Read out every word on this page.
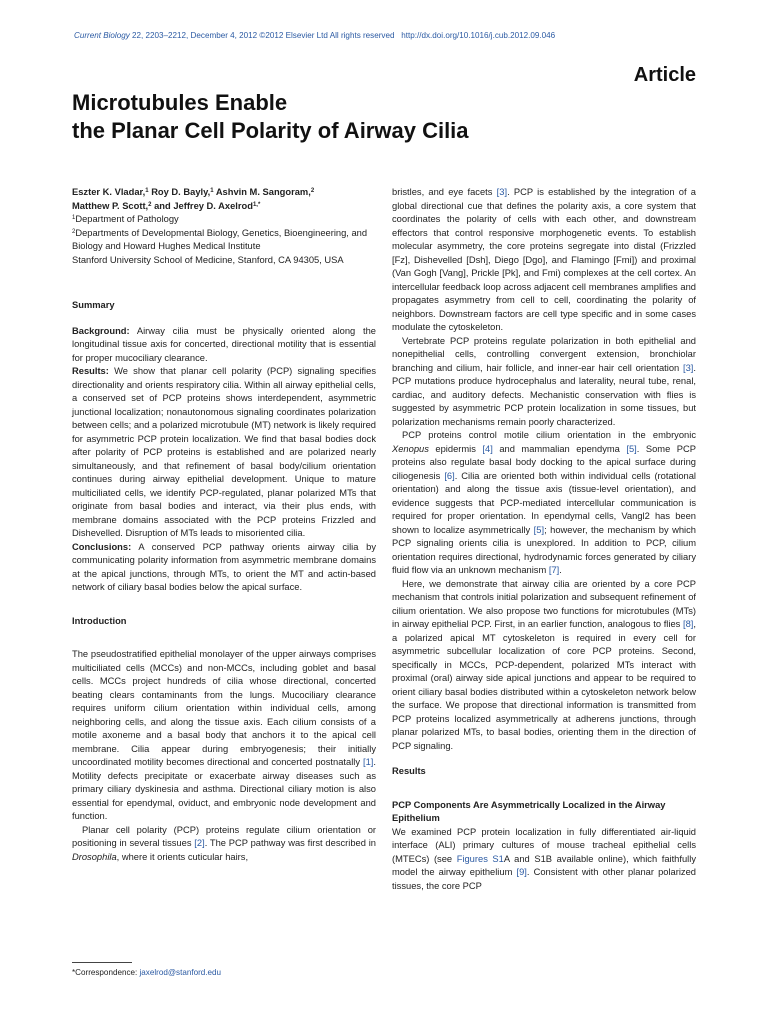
Current Biology 22, 2203–2212, December 4, 2012 ©2012 Elsevier Ltd All rights reserved http://dx.doi.org/10.1016/j.cub.2012.09.046
Article
Microtubules Enable
the Planar Cell Polarity of Airway Cilia

Eszter K. Vladar,$^1$ Roy D. Bayly,$^1$ Ashvin M. Sangoram,$^2$
Matthew P. Scott,$^2$ and Jeffrey D. Axelrod$^{1,*}$

$^1$Department of Pathology

$^2$Departments of Developmental Biology, Genetics, Bioengineering, and Biology and Howard Hughes Medical Institute

Stanford University School of Medicine, Stanford, CA 94305, USA

Summary

Background: Airway cilia must be physically oriented along the longitudinal tissue axis for concerted, directional motility that is essential for proper mucociliary clearance.

Results: We show that planar cell polarity (PCP) signaling specifies directionality and orients respiratory cilia. Within all airway epithelial cells, a conserved set of PCP proteins shows interdependent, asymmetric junctional localization; nonautonomous signaling coordinates polarization between cells; and a polarized microtubule (MT) network is likely required for asymmetric PCP protein localization. We find that basal bodies dock after polarity of PCP proteins is established and are polarized nearly simultaneously, and that refinement of basal body/cilium orientation continues during airway epithelial development. Unique to mature multiciliated cells, we identify PCP-regulated, planar polarized MTs that originate from basal bodies and interact, via their plus ends, with membrane domains associated with the PCP proteins Frizzled and Dishevelled. Disruption of MTs leads to misoriented cilia.

Conclusions: A conserved PCP pathway orients airway cilia by communicating polarity information from asymmetric membrane domains at the apical junctions, through MTs, to orient the MT and actin-based network of ciliary basal bodies below the apical surface.

Introduction

The pseudostratified epithelial monolayer of the upper airways comprises multiciliated cells (MCCs) and non-MCCs, including goblet and basal cells. MCCs project hundreds of cilia whose directional, concerted beating clears contaminants from the lungs. Mucociliary clearance requires uniform cilium orientation within individual cells, among neighboring cells, and along the tissue axis. Each cilium consists of a motile axoneme and a basal body that anchors it to the apical cell membrane. Cilia appear during embryogenesis; their initially uncoordinated motility becomes directional and concerted postnatally [1]. Motility defects precipitate or exacerbate airway diseases such as primary ciliary dyskinesia and asthma. Directional ciliary motion is also essential for ependymal, oviduct, and embryonic node development and function.

Planar cell polarity (PCP) proteins regulate cilium orientation or positioning in several tissues [2]. The PCP pathway was first described in Drosophila, where it orients cuticular hairs,

bristles, and eye facets [3]. PCP is established by the integration of a global directional cue that defines the polarity axis, a core system that coordinates the polarity of cells with each other, and downstream effectors that control responsive morphogenetic events. To establish molecular asymmetry, the core proteins segregate into distal (Frizzled [Fz], Dishevelled [Dsh], Diego [Dgo], and Flamingo [Fmi]) and proximal (Van Gogh [Vang], Prickle [Pk], and Fmi) complexes at the cell cortex. An intercellular feedback loop across adjacent cell membranes amplifies and propagates asymmetry from cell to cell, coordinating the polarity of neighbors. Downstream factors are cell type specific and in some cases modulate the cytoskeleton.

Vertebrate PCP proteins regulate polarization in both epithelial and nonepithelial cells, controlling convergent extension, bronchiolar branching and cilium, hair follicle, and inner-ear hair cell orientation [3]. PCP mutations produce hydrocephalus and laterality, neural tube, renal, cardiac, and auditory defects. Mechanistic conservation with flies is suggested by asymmetric PCP protein localization in some tissues, but polarization mechanisms remain poorly characterized.

PCP proteins control motile cilium orientation in the embryonic Xenopus epidermis [4] and mammalian ependyma [5]. Some PCP proteins also regulate basal body docking to the apical surface during ciliogenesis [6]. Cilia are oriented both within individual cells (rotational orientation) and along the tissue axis (tissue-level orientation), and evidence suggests that PCP-mediated intercellular communication is required for proper orientation. In ependymal cells, Vangl2 has been shown to localize asymmetrically [5]; however, the mechanism by which PCP signaling orients cilia is unexplored. In addition to PCP, cilium orientation requires directional, hydrodynamic forces generated by ciliary fluid flow via an unknown mechanism [7].

Here, we demonstrate that airway cilia are oriented by a core PCP mechanism that controls initial polarization and subsequent refinement of cilium orientation. We also propose two functions for microtubules (MTs) in airway epithelial PCP. First, in an earlier function, analogous to flies [8], a polarized apical MT cytoskeleton is required in every cell for asymmetric subcellular localization of core PCP proteins. Second, specifically in MCCs, PCP-dependent, polarized MTs interact with proximal (oral) airway side apical junctions and appear to be required to orient ciliary basal bodies distributed within a cytoskeleton network below the surface. We propose that directional information is transmitted from PCP proteins localized asymmetrically at adherens junctions, through planar polarized MTs, to basal bodies, orienting them in the direction of PCP signaling.

Results

PCP Components Are Asymmetrically Localized in the Airway Epithelium

We examined PCP protein localization in fully differentiated air-liquid interface (ALI) primary cultures of mouse tracheal epithelial cells (MTECs) (see Figures S1A and S1B available online), which faithfully model the airway epithelium [9]. Consistent with other planar polarized tissues, the core PCP

*Correspondence: jaxelrod@stanford.edu
